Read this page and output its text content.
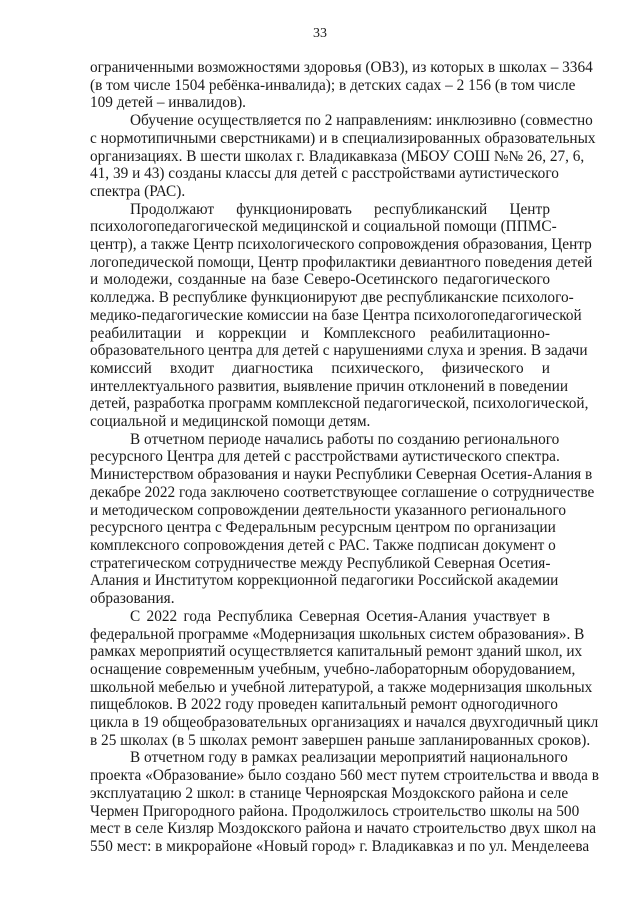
33

ограниченными возможностями здоровья (ОВЗ), из которых в школах – 3364
(в том числе 1504 ребёнка-инвалида); в детских садах – 2 156 (в том числе
109 детей – инвалидов).

Обучение осуществляется по 2 направлениям: инклюзивно (совместно
с нормотипичными сверстниками) и в специализированных образовательных
организациях. В шести школах г. Владикавказа (МБОУ СОШ №№ 26, 27, 6,
41, 39 и 43) созданы классы для детей с расстройствами аутистического
спектра (РАС).

Продолжают функционировать республиканский Центр
психологопедагогической медицинской и социальной помощи (ППМС-
центр), а также Центр психологического сопровождения образования, Центр
логопедической помощи, Центр профилактики девиантного поведения детей
и молодежи, созданные на базе Северо-Осетинского педагогического
колледжа. В республике функционируют две республиканские психолого-
медико-педагогические комиссии на базе Центра психологопедагогической
реабилитации и коррекции и Комплексного реабилитационно-
образовательного центра для детей с нарушениями слуха и зрения. В задачи
комиссий входит диагностика психического, физического и
интеллектуального развития, выявление причин отклонений в поведении
детей, разработка программ комплексной педагогической, психологической,
социальной и медицинской помощи детям.

В отчетном периоде начались работы по созданию регионального
ресурсного Центра для детей с расстройствами аутистического спектра.
Министерством образования и науки Республики Северная Осетия-Алания в
декабре 2022 года заключено соответствующее соглашение о сотрудничестве
и методическом сопровождении деятельности указанного регионального
ресурсного центра с Федеральным ресурсным центром по организации
комплексного сопровождения детей с РАС. Также подписан документ о
стратегическом сотрудничестве между Республикой Северная Осетия-
Алания и Институтом коррекционной педагогики Российской академии
образования.

С 2022 года Республика Северная Осетия-Алания участвует в
федеральной программе «Модернизация школьных систем образования». В
рамках мероприятий осуществляется капитальный ремонт зданий школ, их
оснащение современным учебным, учебно-лабораторным оборудованием,
школьной мебелью и учебной литературой, а также модернизация школьных
пищеблоков. В 2022 году проведен капитальный ремонт одногодичного
цикла в 19 общеобразовательных организациях и начался двухгодичный цикл
в 25 школах (в 5 школах ремонт завершен раньше запланированных сроков).

В отчетном году в рамках реализации мероприятий национального
проекта «Образование» было создано 560 мест путем строительства и ввода в
эксплуатацию 2 школ: в станице Черноярская Моздокского района и селе
Чермен Пригородного района. Продолжилось строительство школы на 500
мест в селе Кизляр Моздокского района и начато строительство двух школ на
550 мест: в микрорайоне «Новый город» г. Владикавказ и по ул. Менделеева
